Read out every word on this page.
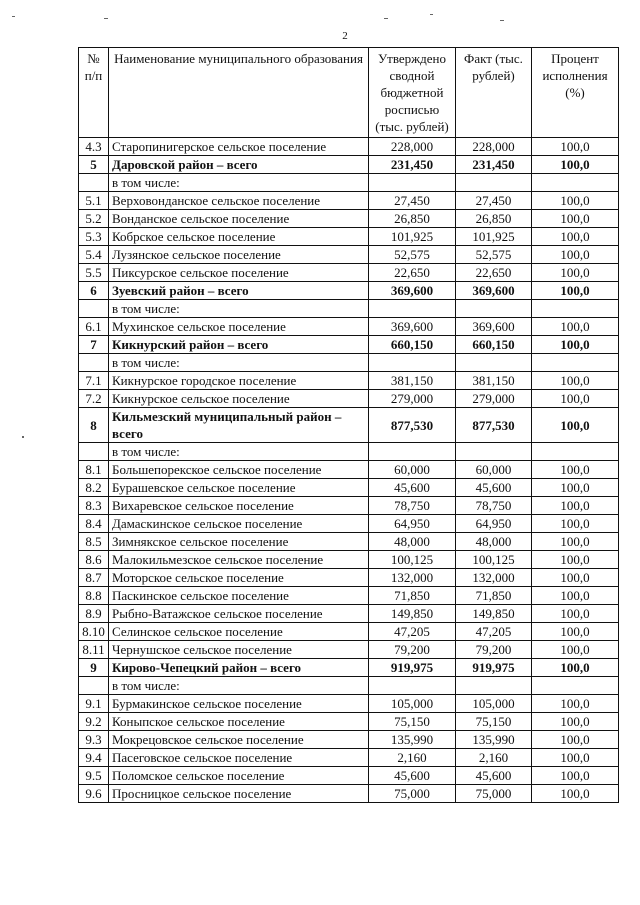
2
№ п/п	Наименование муниципального образования	Утверждено сводной бюджетной росписью (тыс. рублей)	Факт (тыс. рублей)	Процент исполнения (%)
4.3	Старопинигерское сельское поселение	228,000	228,000	100,0
5	Даровской район – всего	231,450	231,450	100,0
	в том числе:			
5.1	Верховонданское сельское поселение	27,450	27,450	100,0
5.2	Вонданское сельское поселение	26,850	26,850	100,0
5.3	Кобрское сельское поселение	101,925	101,925	100,0
5.4	Лузянское сельское поселение	52,575	52,575	100,0
5.5	Пиксурское сельское поселение	22,650	22,650	100,0
6	Зуевский район – всего	369,600	369,600	100,0
	в том числе:			
6.1	Мухинское сельское поселение	369,600	369,600	100,0
7	Кикнурский район – всего	660,150	660,150	100,0
	в том числе:			
7.1	Кикнурское городское поселение	381,150	381,150	100,0
7.2	Кикнурское сельское поселение	279,000	279,000	100,0
8	Кильмезский муниципальный район – всего	877,530	877,530	100,0
	в том числе:			
8.1	Большепорекское сельское поселение	60,000	60,000	100,0
8.2	Бурашевское сельское поселение	45,600	45,600	100,0
8.3	Вихаревское сельское поселение	78,750	78,750	100,0
8.4	Дамаскинское сельское поселение	64,950	64,950	100,0
8.5	Зимнякское сельское поселение	48,000	48,000	100,0
8.6	Малокильмезское сельское поселение	100,125	100,125	100,0
8.7	Моторское сельское поселение	132,000	132,000	100,0
8.8	Паскинское сельское поселение	71,850	71,850	100,0
8.9	Рыбно-Ватажское сельское поселение	149,850	149,850	100,0
8.10	Селинское сельское поселение	47,205	47,205	100,0
8.11	Чернушское сельское поселение	79,200	79,200	100,0
9	Кирово-Чепецкий район – всего	919,975	919,975	100,0
	в том числе:			
9.1	Бурмакинское сельское поселение	105,000	105,000	100,0
9.2	Коныпское сельское поселение	75,150	75,150	100,0
9.3	Мокрецовское сельское поселение	135,990	135,990	100,0
9.4	Пасеговское сельское поселение	2,160	2,160	100,0
9.5	Поломское сельское поселение	45,600	45,600	100,0
9.6	Просницкое сельское поселение	75,000	75,000	100,0
